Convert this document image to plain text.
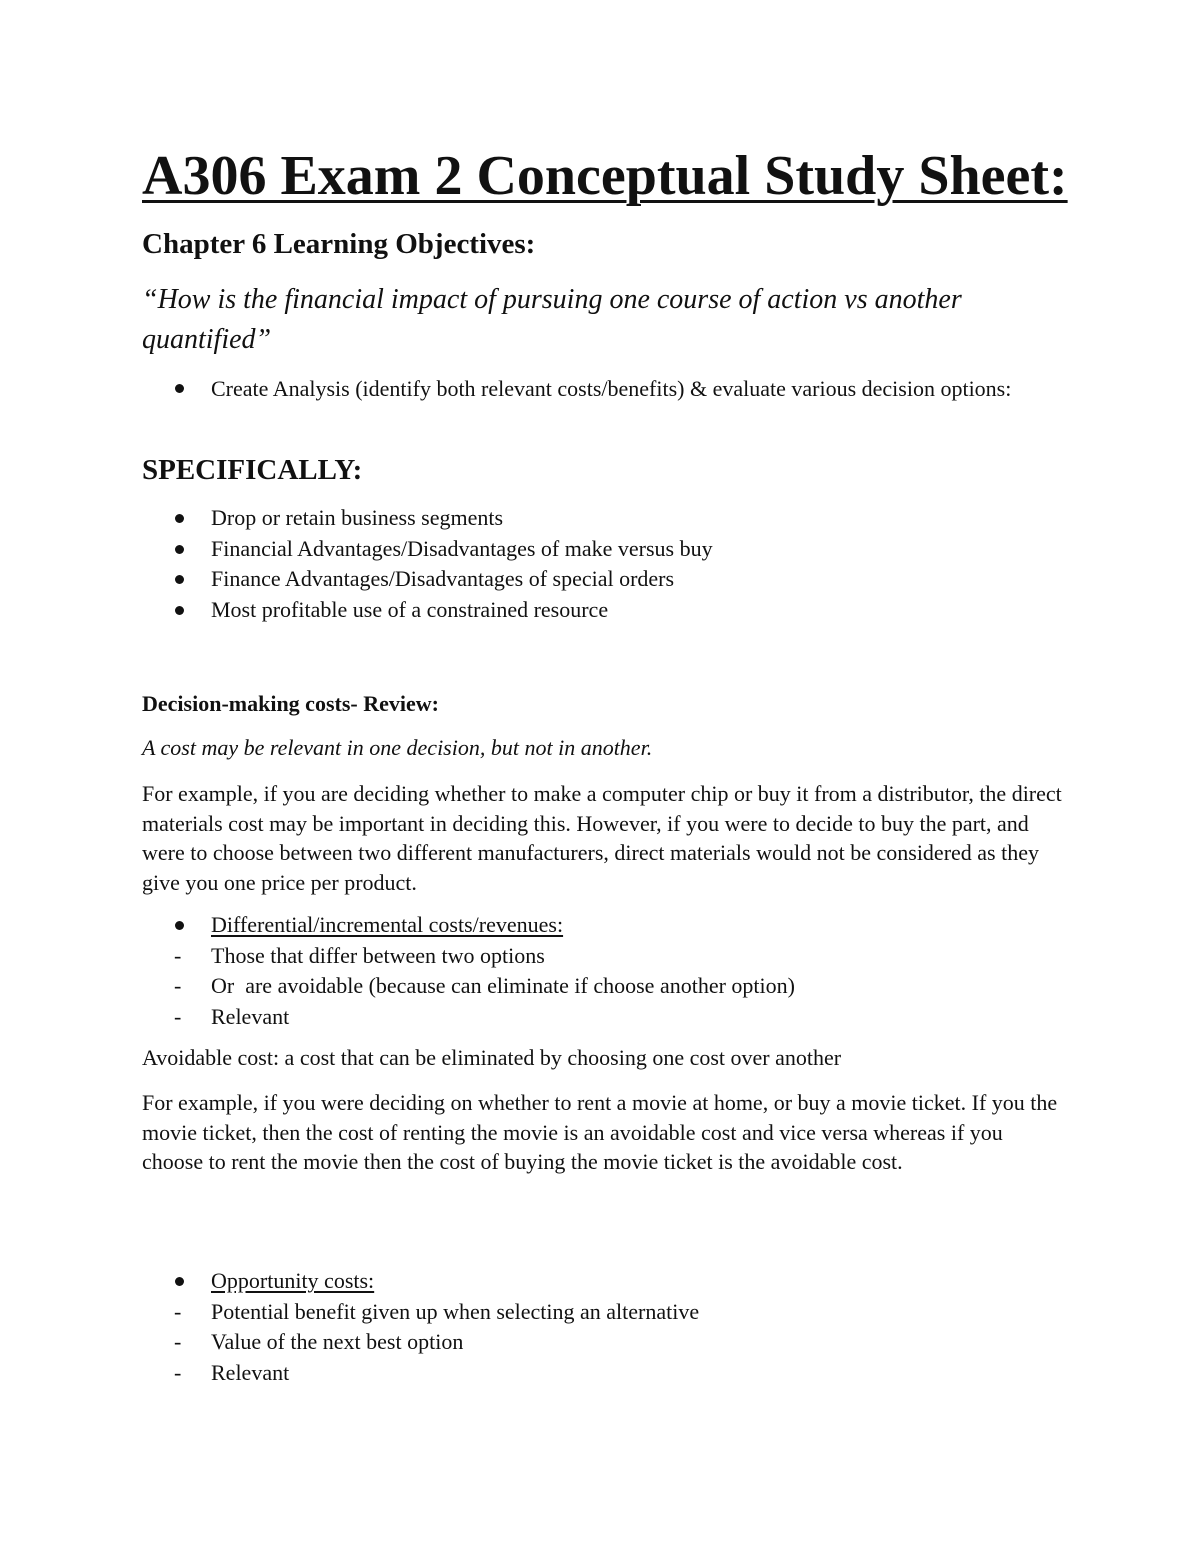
A306 Exam 2 Conceptual Study Sheet:
Chapter 6 Learning Objectives:

“How is the financial impact of pursuing one course of action vs another quantified”

Create Analysis (identify both relevant costs/benefits) & evaluate various decision options:
SPECIFICALLY:
Drop or retain business segments
Financial Advantages/Disadvantages of make versus buy
Finance Advantages/Disadvantages of special orders
Most profitable use of a constrained resource
Decision-making costs- Review:

A cost may be relevant in one decision, but not in another.

For example, if you are deciding whether to make a computer chip or buy it from a distributor, the direct materials cost may be important in deciding this. However, if you were to decide to buy the part, and were to choose between two different manufacturers, direct materials would not be considered as they give you one price per product.

Differential/incremental costs/revenues:
- Those that differ between two options
- Or  are avoidable (because can eliminate if choose another option)
- Relevant

Avoidable cost: a cost that can be eliminated by choosing one cost over another

For example, if you were deciding on whether to rent a movie at home, or buy a movie ticket. If you the movie ticket, then the cost of renting the movie is an avoidable cost and vice versa whereas if you choose to rent the movie then the cost of buying the movie ticket is the avoidable cost.

Opportunity costs:
- Potential benefit given up when selecting an alternative
- Value of the next best option
- Relevant
